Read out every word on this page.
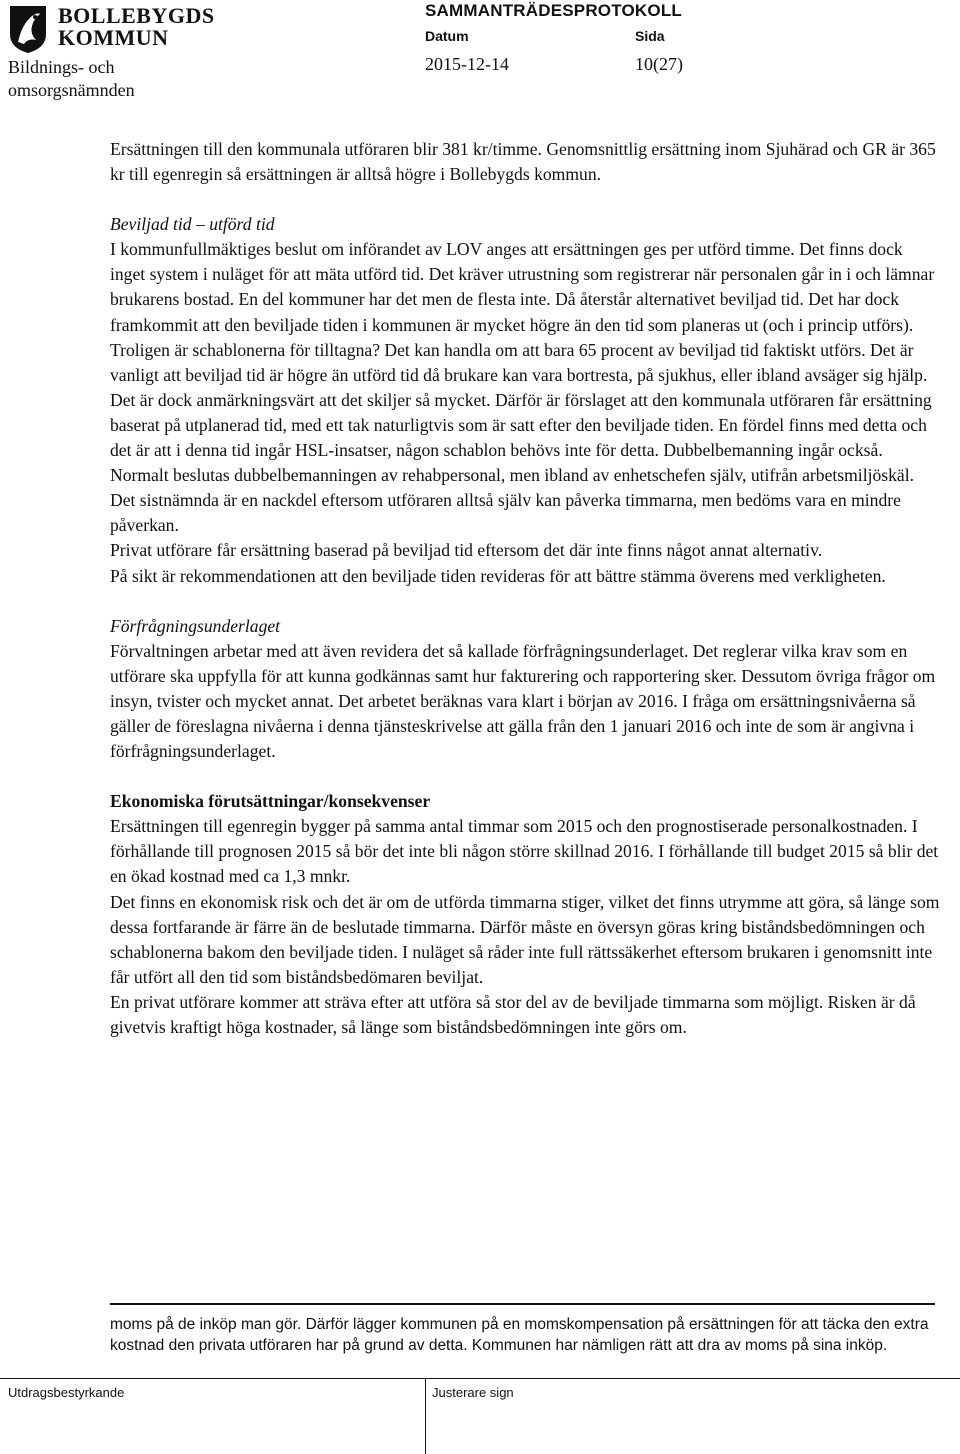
BOLLEBYGDS
KOMMUN
Bildnings- och omsorgsnämnden
SAMMANTRÄDESPROTOKOLL
Datum	Sida
2015-12-14	10(27)

Ersättningen till den kommunala utföraren blir 381 kr/timme. Genomsnittlig ersättning inom Sjuhärad och GR är 365 kr till egenregin så ersättningen är alltså högre i Bollebygds kommun.

Beviljad tid – utförd tid

I kommunfullmäktiges beslut om införandet av LOV anges att ersättningen ges per utförd timme. Det finns dock inget system i nuläget för att mäta utförd tid. Det kräver utrustning som registrerar när personalen går in i och lämnar brukarens bostad. En del kommuner har det men de flesta inte. Då återstår alternativet beviljad tid. Det har dock framkommit att den beviljade tiden i kommunen är mycket högre än den tid som planeras ut (och i princip utförs). Troligen är schablonerna för tilltagna? Det kan handla om att bara 65 procent av beviljad tid faktiskt utförs. Det är vanligt att beviljad tid är högre än utförd tid då brukare kan vara bortresta, på sjukhus, eller ibland avsäger sig hjälp. Det är dock anmärkningsvärt att det skiljer så mycket. Därför är förslaget att den kommunala utföraren får ersättning baserat på utplanerad tid, med ett tak naturligtvis som är satt efter den beviljade tiden. En fördel finns med detta och det är att i denna tid ingår HSL-insatser, någon schablon behövs inte för detta. Dubbelbemanning ingår också. Normalt beslutas dubbelbemanningen av rehabpersonal, men ibland av enhetschefen själv, utifrån arbetsmiljöskäl. Det sistnämnda är en nackdel eftersom utföraren alltså själv kan påverka timmarna, men bedöms vara en mindre påverkan.

Privat utförare får ersättning baserad på beviljad tid eftersom det där inte finns något annat alternativ.

På sikt är rekommendationen att den beviljade tiden revideras för att bättre stämma överens med verkligheten.

Förfrågningsunderlaget

Förvaltningen arbetar med att även revidera det så kallade förfrågningsunderlaget. Det reglerar vilka krav som en utförare ska uppfylla för att kunna godkännas samt hur fakturering och rapportering sker. Dessutom övriga frågor om insyn, tvister och mycket annat. Det arbetet beräknas vara klart i början av 2016. I fråga om ersättningsnivåerna så gäller de föreslagna nivåerna i denna tjänsteskrivelse att gälla från den 1 januari 2016 och inte de som är angivna i förfrågningsunderlaget.

Ekonomiska förutsättningar/konsekvenser

Ersättningen till egenregin bygger på samma antal timmar som 2015 och den prognostiserade personalkostnaden. I förhållande till prognosen 2015 så bör det inte bli någon större skillnad 2016. I förhållande till budget 2015 så blir det en ökad kostnad med ca 1,3 mnkr.

Det finns en ekonomisk risk och det är om de utförda timmarna stiger, vilket det finns utrymme att göra, så länge som dessa fortfarande är färre än de beslutade timmarna. Därför måste en översyn göras kring biståndsbedömningen och schablonerna bakom den beviljade tiden. I nuläget så råder inte full rättssäkerhet eftersom brukaren i genomsnitt inte får utfört all den tid som biståndsbedömaren beviljat.

En privat utförare kommer att sträva efter att utföra så stor del av de beviljade timmarna som möjligt. Risken är då givetvis kraftigt höga kostnader, så länge som biståndsbedömningen inte görs om.

moms på de inköp man gör. Därför lägger kommunen på en momskompensation på ersättningen för att täcka den extra kostnad den privata utföraren har på grund av detta. Kommunen har nämligen rätt att dra av moms på sina inköp.
Utdragsbestyrkande	Justerare sign
